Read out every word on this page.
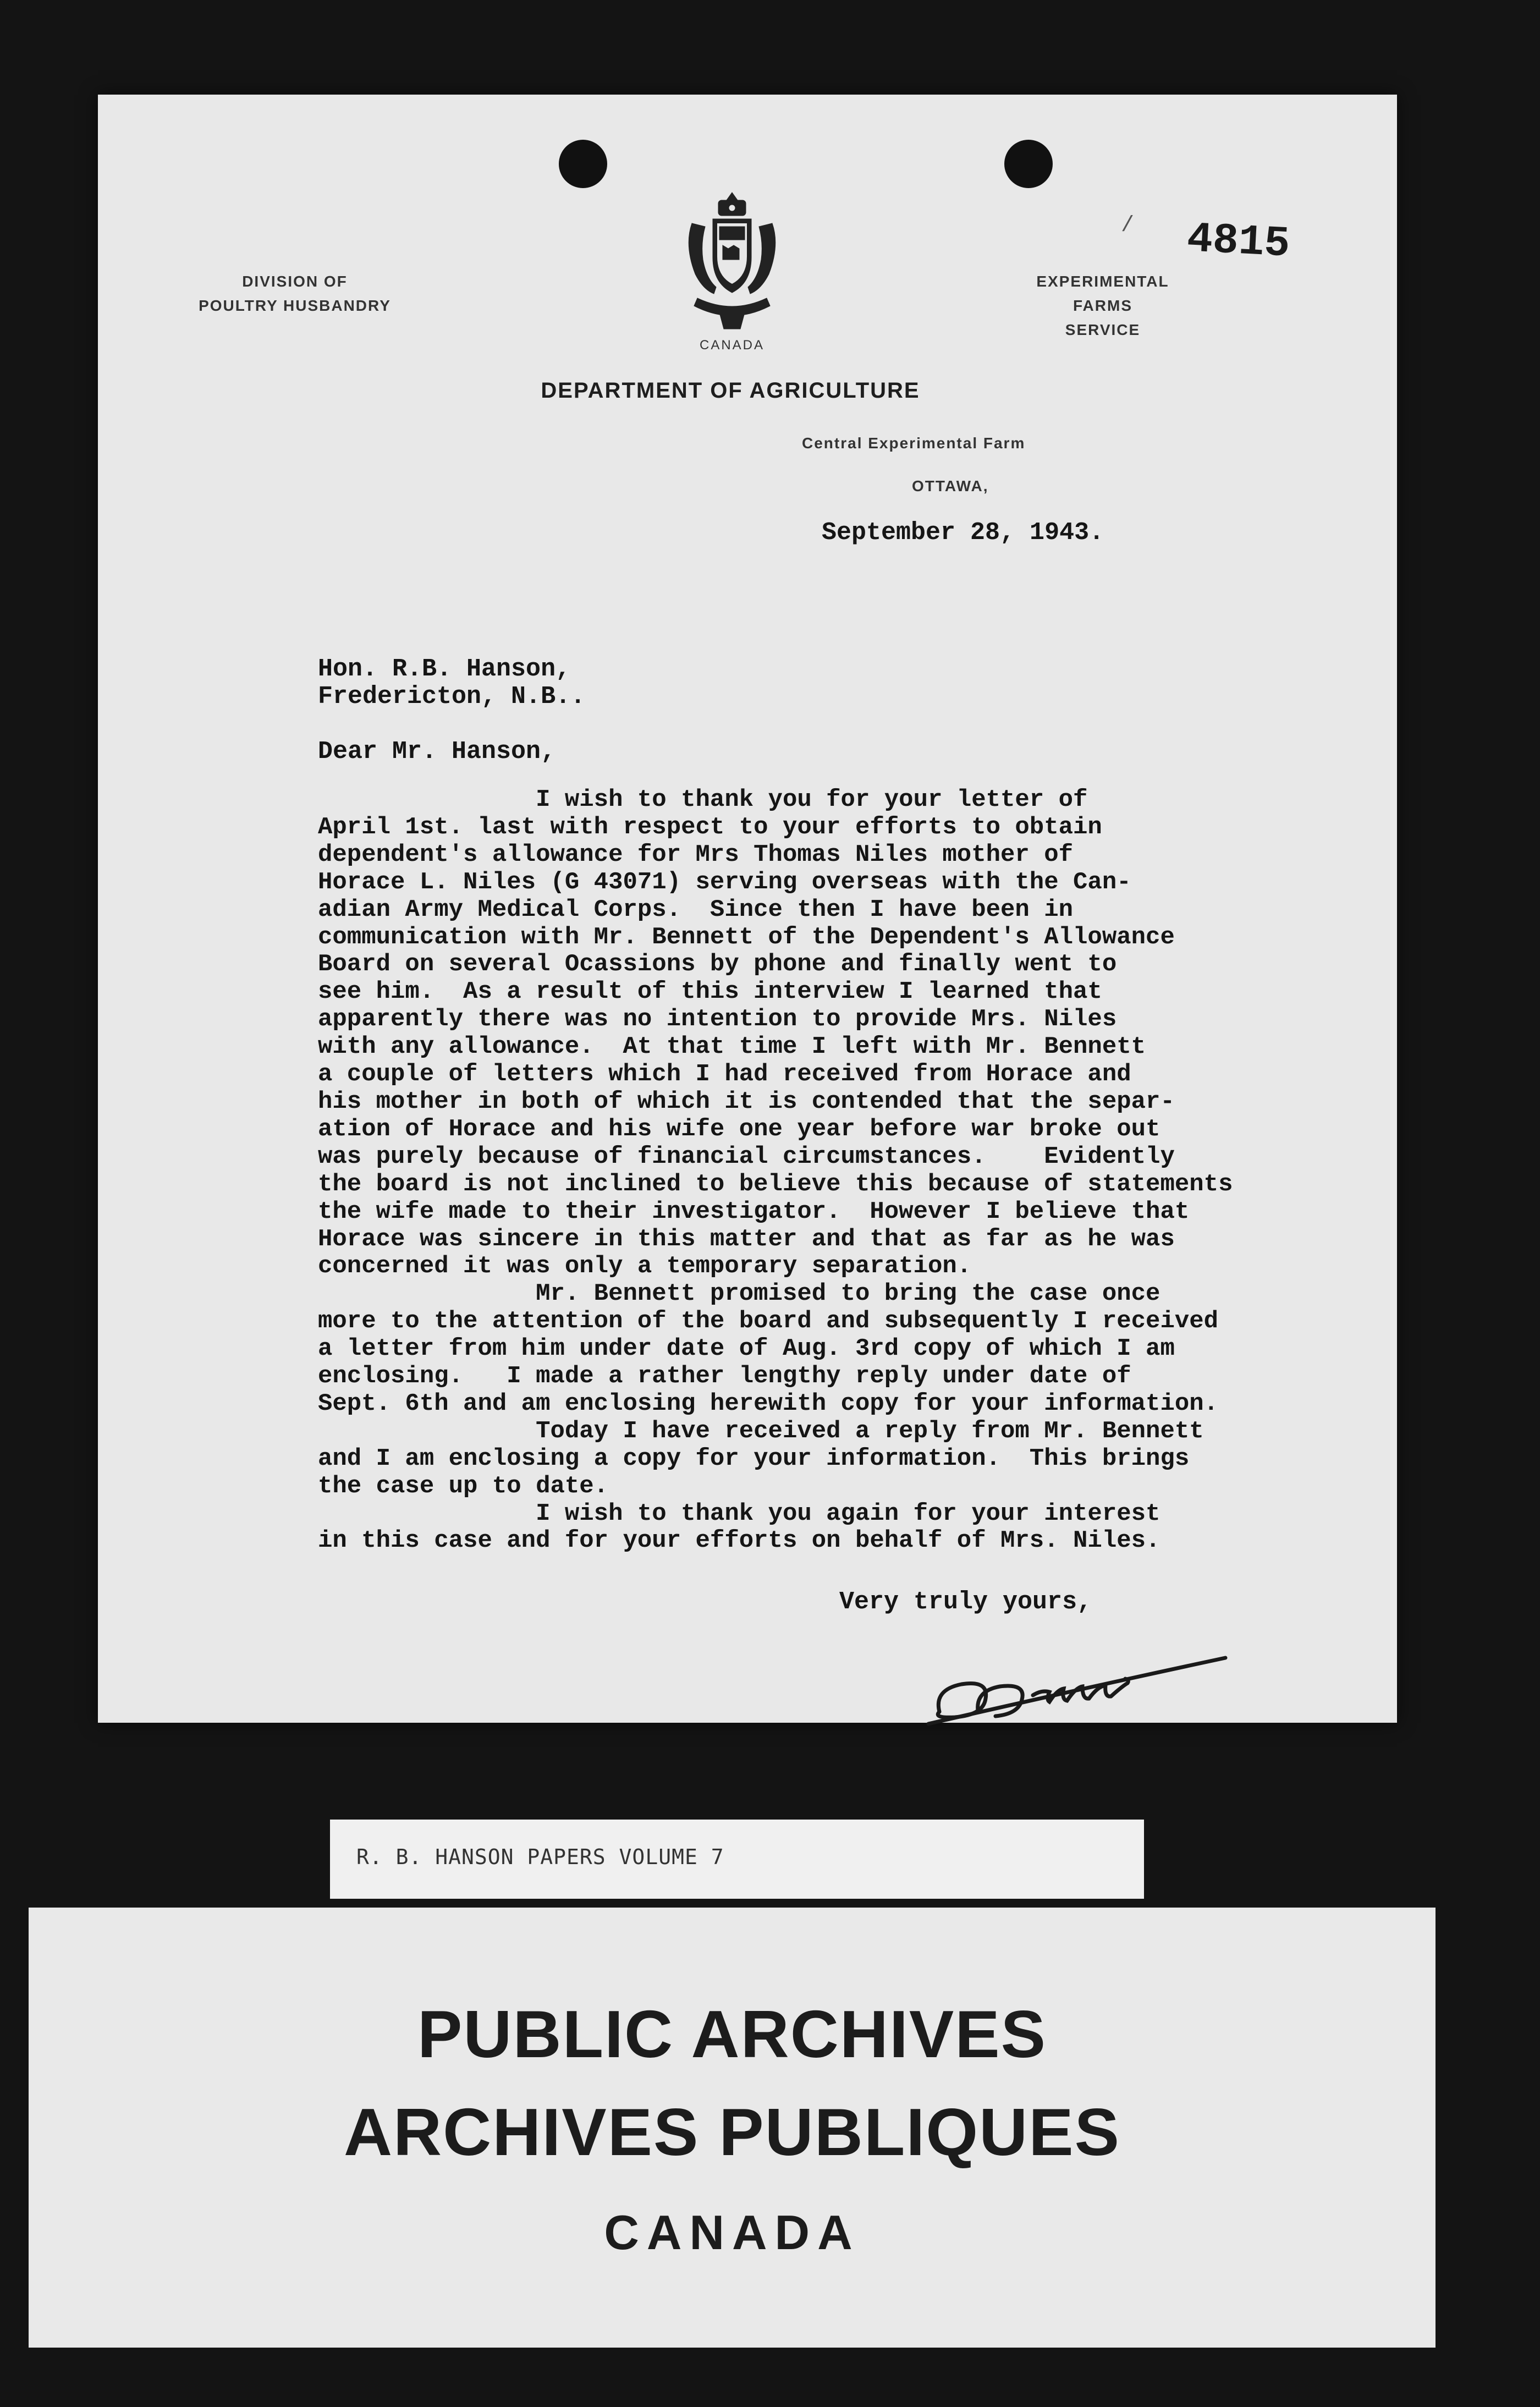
DIVISION OF
POULTRY HUSBANDRY
CANADA
/ 4815
EXPERIMENTAL FARMS
SERVICE
DEPARTMENT OF AGRICULTURE
Central Experimental Farm
OTTAWA,
September 28, 1943.
Hon. R.B. Hanson,
Fredericton, N.B..
Dear Mr. Hanson,
I wish to thank you for your letter of
April 1st. last with respect to your efforts to obtain
dependent's allowance for Mrs Thomas Niles mother of
Horace L. Niles (G 43071) serving overseas with the Can-
adian Army Medical Corps.  Since then I have been in
communication with Mr. Bennett of the Dependent's Allowance
Board on several Ocassions by phone and finally went to
see him.  As a result of this interview I learned that
apparently there was no intention to provide Mrs. Niles
with any allowance.  At that time I left with Mr. Bennett
a couple of letters which I had received from Horace and
his mother in both of which it is contended that the separ-
ation of Horace and his wife one year before war broke out
was purely because of financial circumstances.    Evidently
the board is not inclined to believe this because of statements
the wife made to their investigator.  However I believe that
Horace was sincere in this matter and that as far as he was
concerned it was only a temporary separation.
Mr. Bennett promised to bring the case once
more to the attention of the board and subsequently I received
a letter from him under date of Aug. 3rd copy of which I am
enclosing.   I made a rather lengthy reply under date of
Sept. 6th and am enclosing herewith copy for your information.
Today I have received a reply from Mr. Bennett
and I am enclosing a copy for your information.  This brings
the case up to date.
I wish to thank you again for your interest
in this case and for your efforts on behalf of Mrs. Niles.
Very truly yours,
R. B. HANSON PAPERS VOLUME 7
PUBLIC ARCHIVES
ARCHIVES PUBLIQUES
CANADA
